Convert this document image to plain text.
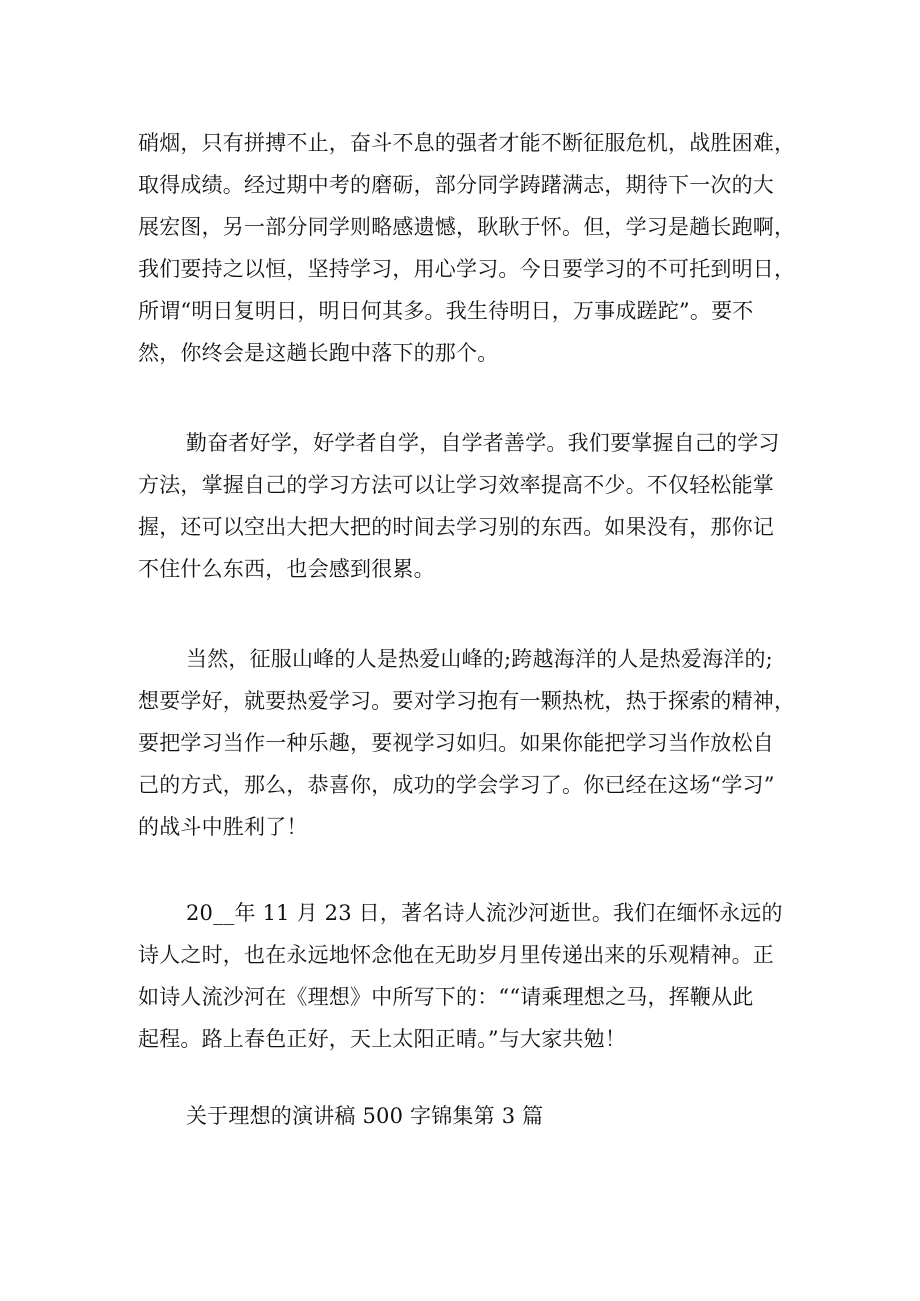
硝烟，只有拼搏不止，奋斗不息的强者才能不断征服危机，战胜困难，

取得成绩。经过期中考的磨砺，部分同学踌躇满志，期待下一次的大

展宏图，另一部分同学则略感遗憾，耿耿于怀。但，学习是趟长跑啊，

我们要持之以恒，坚持学习，用心学习。今日要学习的不可托到明日，

所谓“明日复明日，明日何其多。我生待明日，万事成蹉跎”。要不

然，你终会是这趟长跑中落下的那个。

勤奋者好学，好学者自学，自学者善学。我们要掌握自己的学习

方法，掌握自己的学习方法可以让学习效率提高不少。不仅轻松能掌

握，还可以空出大把大把的时间去学习别的东西。如果没有，那你记

不住什么东西，也会感到很累。

当然，征服山峰的人是热爱山峰的;跨越海洋的人是热爱海洋的;

想要学好，就要热爱学习。要对学习抱有一颗热枕，热于探索的精神，

要把学习当作一种乐趣，要视学习如归。如果你能把学习当作放松自

己的方式，那么，恭喜你，成功的学会学习了。你已经在这场“学习”

的战斗中胜利了！

20__年 11 月 23 日，著名诗人流沙河逝世。我们在缅怀永远的

诗人之时，也在永远地怀念他在无助岁月里传递出来的乐观精神。正

如诗人流沙河在《理想》中所写下的：““请乘理想之马，挥鞭从此

起程。路上春色正好，天上太阳正晴。”与大家共勉！

关于理想的演讲稿 500 字锦集第 3 篇
